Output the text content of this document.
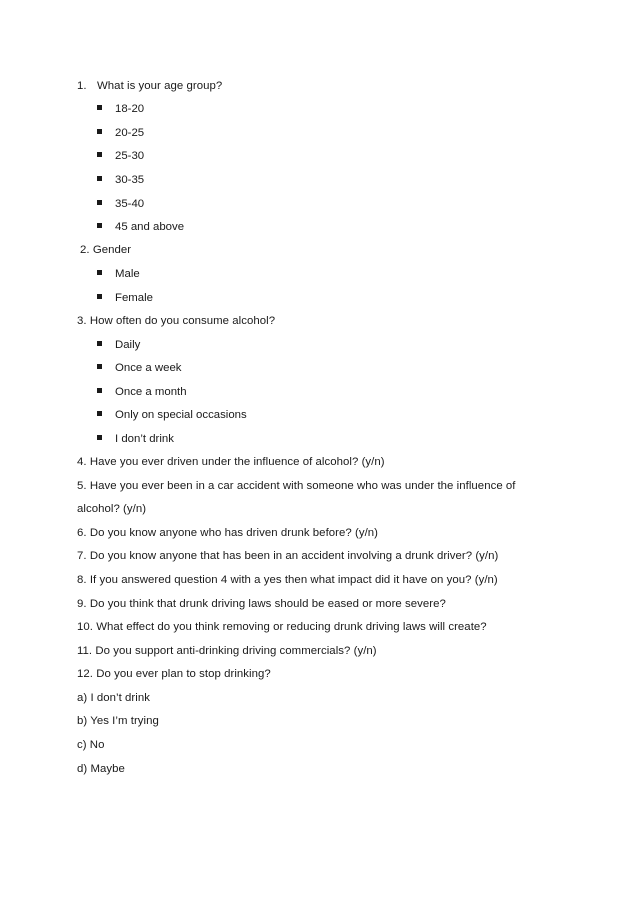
1. What is your age group?
18-20
20-25
25-30
30-35
35-40
45 and above
2. Gender
Male
Female
3. How often do you consume alcohol?
Daily
Once a week
Once a month
Only on special occasions
I don’t drink
4. Have you ever driven under the influence of alcohol? (y/n)
5. Have you ever been in a car accident with someone who was under the influence of
alcohol? (y/n)
6. Do you know anyone who has driven drunk before? (y/n)
7. Do you know anyone that has been in an accident involving a drunk driver? (y/n)
8. If you answered question 4 with a yes then what impact did it have on you? (y/n)
9. Do you think that drunk driving laws should be eased or more severe?
10. What effect do you think removing or reducing drunk driving laws will create?
11. Do you support anti-drinking driving commercials? (y/n)
12. Do you ever plan to stop drinking?
a) I don’t drink
b) Yes I’m trying
c) No
d) Maybe
